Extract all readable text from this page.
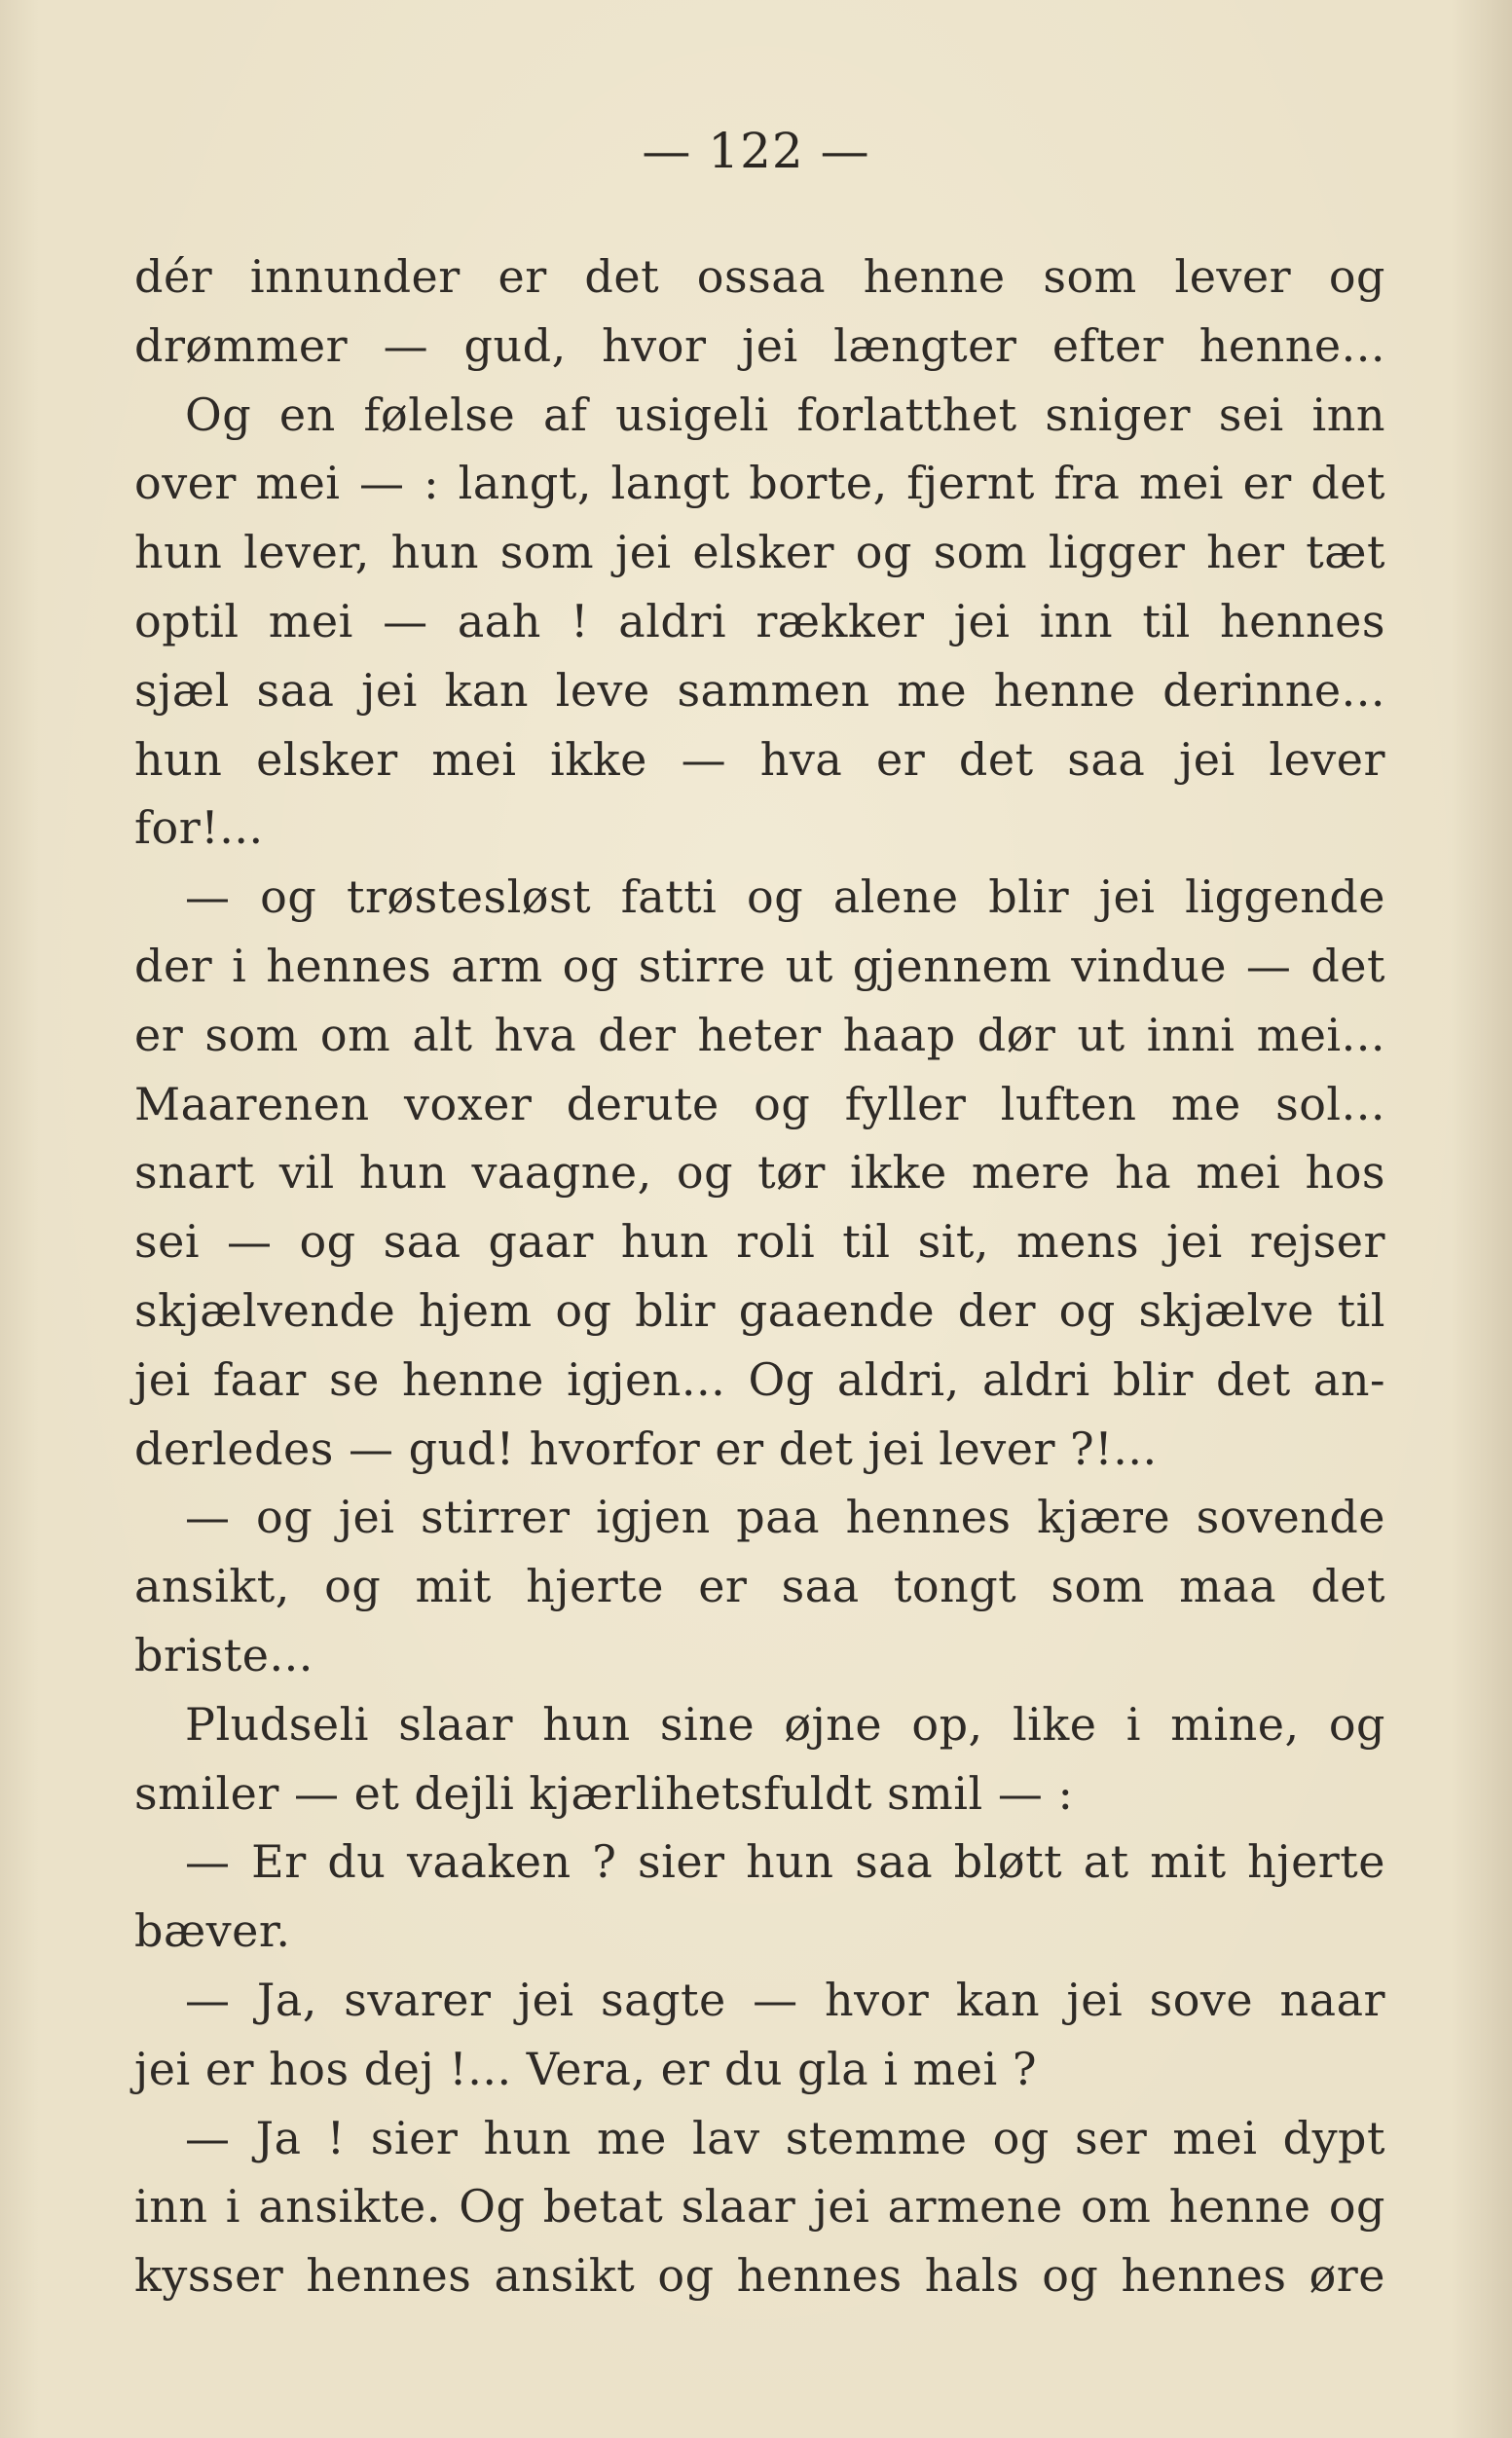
— 122 —
dér innunder er det ossaa henne som lever og
drømmer — gud, hvor jei længter efter henne...
Og en følelse af usigeli forlatthet sniger sei inn
over mei — : langt, langt borte, fjernt fra mei er det
hun lever, hun som jei elsker og som ligger her tæt
optil mei — aah ! aldri rækker jei inn til hennes
sjæl saa jei kan leve sammen me henne derinne...
hun elsker mei ikke — hva er det saa jei lever
for!...
— og trøstesløst fatti og alene blir jei liggende
der i hennes arm og stirre ut gjennem vindue — det
er som om alt hva der heter haap dør ut inni mei...
Maarenen voxer derute og fyller luften me sol...
snart vil hun vaagne, og tør ikke mere ha mei hos
sei — og saa gaar hun roli til sit, mens jei rejser
skjælvende hjem og blir gaaende der og skjælve til
jei faar se henne igjen... Og aldri, aldri blir det an-
derledes — gud! hvorfor er det jei lever ?!...
— og jei stirrer igjen paa hennes kjære sovende
ansikt, og mit hjerte er saa tongt som maa det
briste...
Pludseli slaar hun sine øjne op, like i mine, og
smiler — et dejli kjærlihetsfuldt smil — :
— Er du vaaken ? sier hun saa bløtt at mit hjerte
bæver.
— Ja, svarer jei sagte — hvor kan jei sove naar
jei er hos dej !... Vera, er du gla i mei ?
— Ja ! sier hun me lav stemme og ser mei dypt
inn i ansikte. Og betat slaar jei armene om henne og
kysser hennes ansikt og hennes hals og hennes øre
